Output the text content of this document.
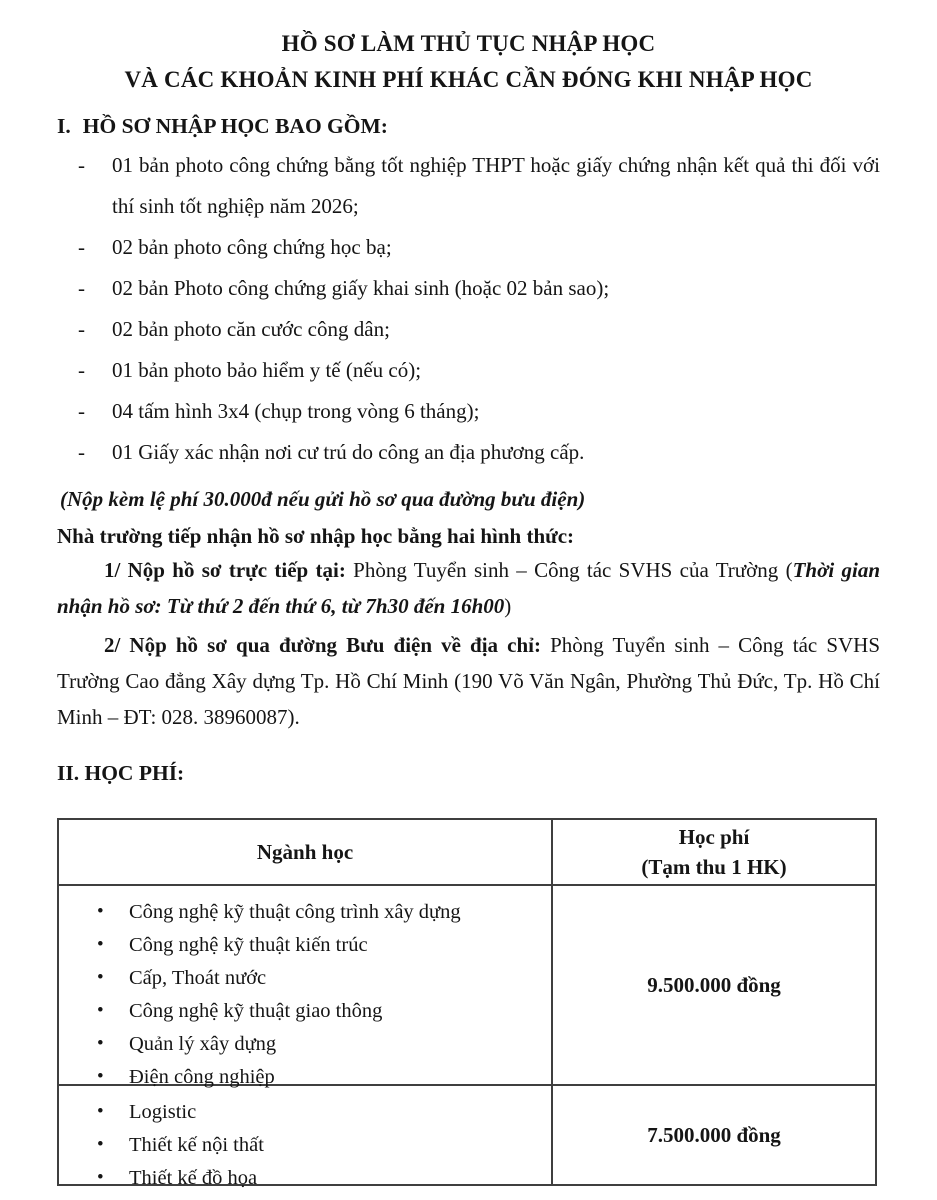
HỒ SƠ LÀM THỦ TỤC NHẬP HỌC
VÀ CÁC KHOẢN KINH PHÍ KHÁC CẦN ĐÓNG KHI NHẬP HỌC
I. HỒ SƠ NHẬP HỌC BAO GỒM:
- 01 bản photo công chứng bằng tốt nghiệp THPT hoặc giấy chứng nhận kết quả thi đối với thí sinh tốt nghiệp năm 2026;
- 02 bản photo công chứng học bạ;
- 02 bản Photo công chứng giấy khai sinh (hoặc 02 bản sao);
- 02 bản photo căn cước công dân;
- 01 bản photo bảo hiểm y tế (nếu có);
- 04 tấm hình 3x4 (chụp trong vòng 6 tháng);
- 01 Giấy xác nhận nơi cư trú do công an địa phương cấp.
(Nộp kèm lệ phí 30.000đ nếu gửi hồ sơ qua đường bưu điện)
Nhà trường tiếp nhận hồ sơ nhập học bằng hai hình thức:

1/ Nộp hồ sơ trực tiếp tại: Phòng Tuyển sinh – Công tác SVHS của Trường (Thời gian nhận hồ sơ: Từ thứ 2 đến thứ 6, từ 7h30 đến 16h00)

2/ Nộp hồ sơ qua đường Bưu điện về địa chỉ: Phòng Tuyển sinh – Công tác SVHS Trường Cao đẳng Xây dựng Tp. Hồ Chí Minh (190 Võ Văn Ngân, Phường Thủ Đức, Tp. Hồ Chí Minh – ĐT: 028. 38960087).

II. HỌC PHÍ:
Ngành học
Học phí
(Tạm thu 1 HK)
• Công nghệ kỹ thuật công trình xây dựng
• Công nghệ kỹ thuật kiến trúc
• Cấp, Thoát nước
• Công nghệ kỹ thuật giao thông
• Quản lý xây dựng
• Điện công nghiệp
9.500.000 đồng
• Logistic
• Thiết kế nội thất
• Thiết kế đồ họa
7.500.000 đồng
